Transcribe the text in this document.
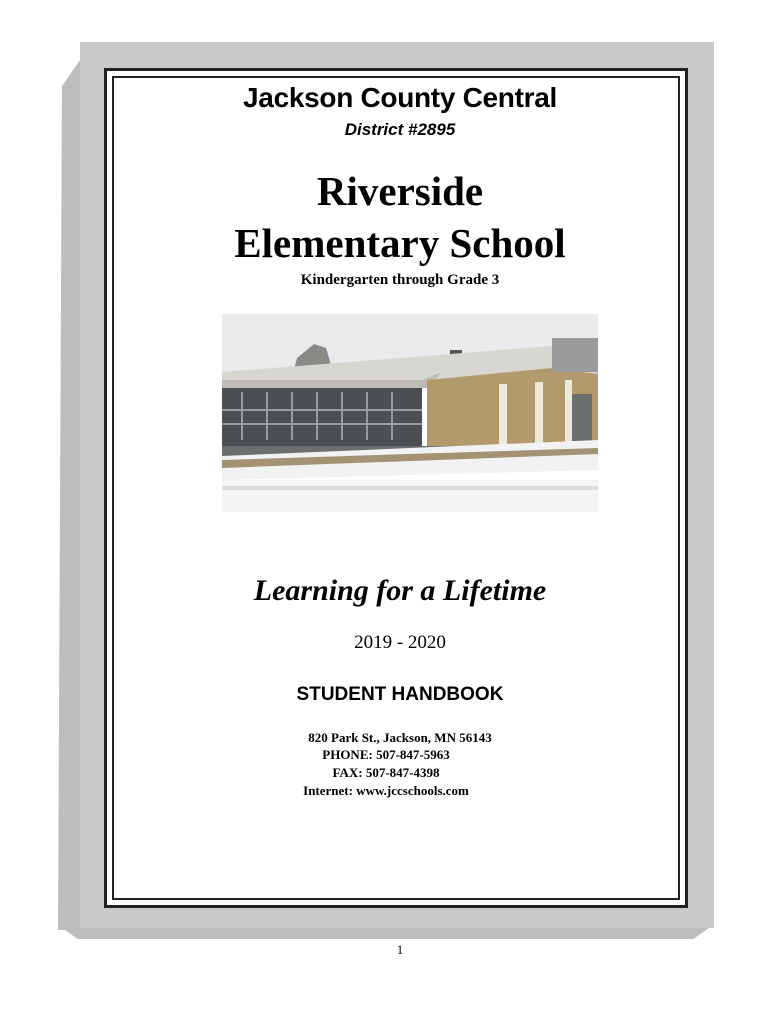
Jackson County Central
District #2895
Riverside
Elementary School
Kindergarten through Grade 3
Learning for a Lifetime
2019 - 2020
STUDENT HANDBOOK
820 Park St., Jackson, MN 56143
PHONE: 507-847-5963
FAX: 507-847-4398
Internet: www.jccschools.com
1
